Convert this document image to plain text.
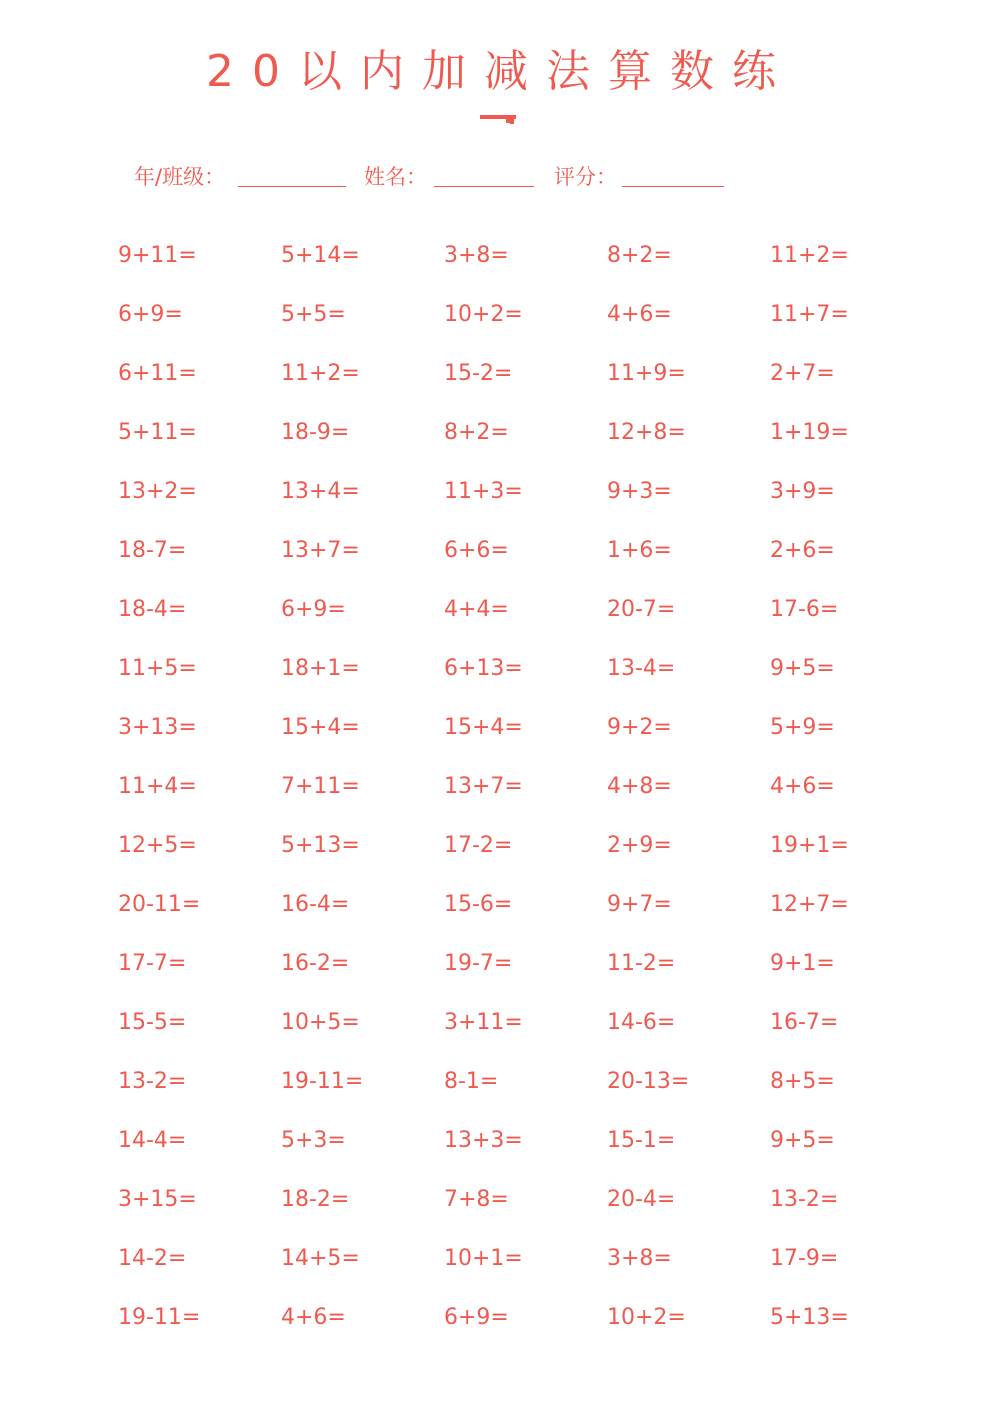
20以内加减法算数练
年/班级：	姓名：	评分：
9+11=	5+14=	3+8=	8+2=	11+2=
6+9=	5+5=	10+2=	4+6=	11+7=
6+11=	11+2=	15-2=	11+9=	2+7=
5+11=	18-9=	8+2=	12+8=	1+19=
13+2=	13+4=	11+3=	9+3=	3+9=
18-7=	13+7=	6+6=	1+6=	2+6=
18-4=	6+9=	4+4=	20-7=	17-6=
11+5=	18+1=	6+13=	13-4=	9+5=
3+13=	15+4=	15+4=	9+2=	5+9=
11+4=	7+11=	13+7=	4+8=	4+6=
12+5=	5+13=	17-2=	2+9=	19+1=
20-11=	16-4=	15-6=	9+7=	12+7=
17-7=	16-2=	19-7=	11-2=	9+1=
15-5=	10+5=	3+11=	14-6=	16-7=
13-2=	19-11=	8-1=	20-13=	8+5=
14-4=	5+3=	13+3=	15-1=	9+5=
3+15=	18-2=	7+8=	20-4=	13-2=
14-2=	14+5=	10+1=	3+8=	17-9=
19-11=	4+6=	6+9=	10+2=	5+13=
